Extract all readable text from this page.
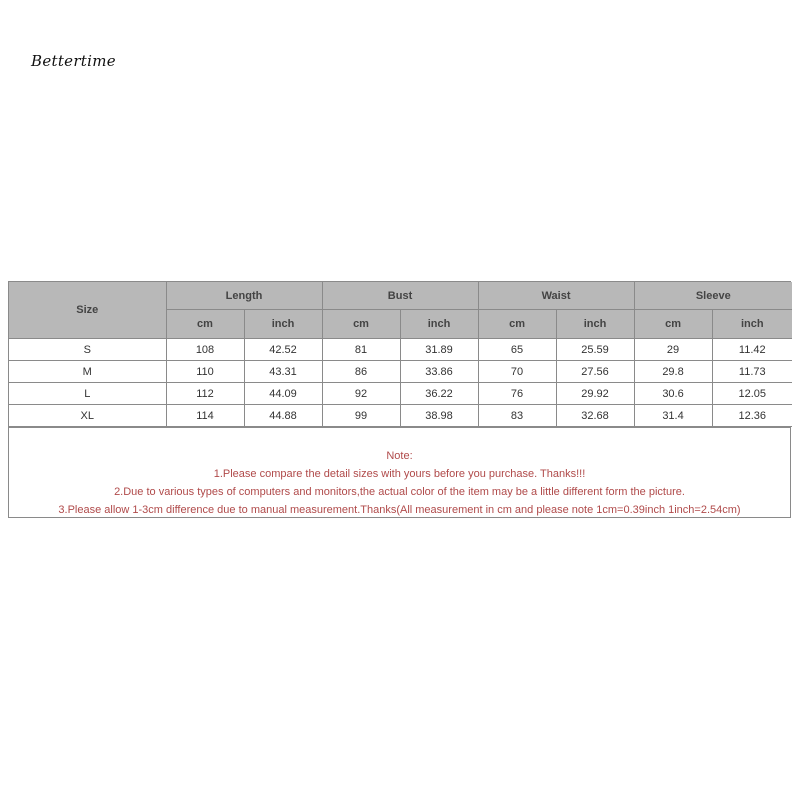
Bettertime
Size	Length		Bust		Waist		Sleeve	
	cm	inch	cm	inch	cm	inch	cm	inch
S	108	42.52	81	31.89	65	25.59	29	11.42
M	110	43.31	86	33.86	70	27.56	29.8	11.73
L	112	44.09	92	36.22	76	29.92	30.6	12.05
XL	114	44.88	99	38.98	83	32.68	31.4	12.36
Note:
1.Please compare the detail sizes with yours before you purchase. Thanks!!!
2.Due to various types of computers and monitors,the actual color of the item may be a little different form the picture.
3.Please allow 1-3cm difference due to manual measurement.Thanks(All measurement in cm and please note 1cm=0.39inch 1inch=2.54cm)
